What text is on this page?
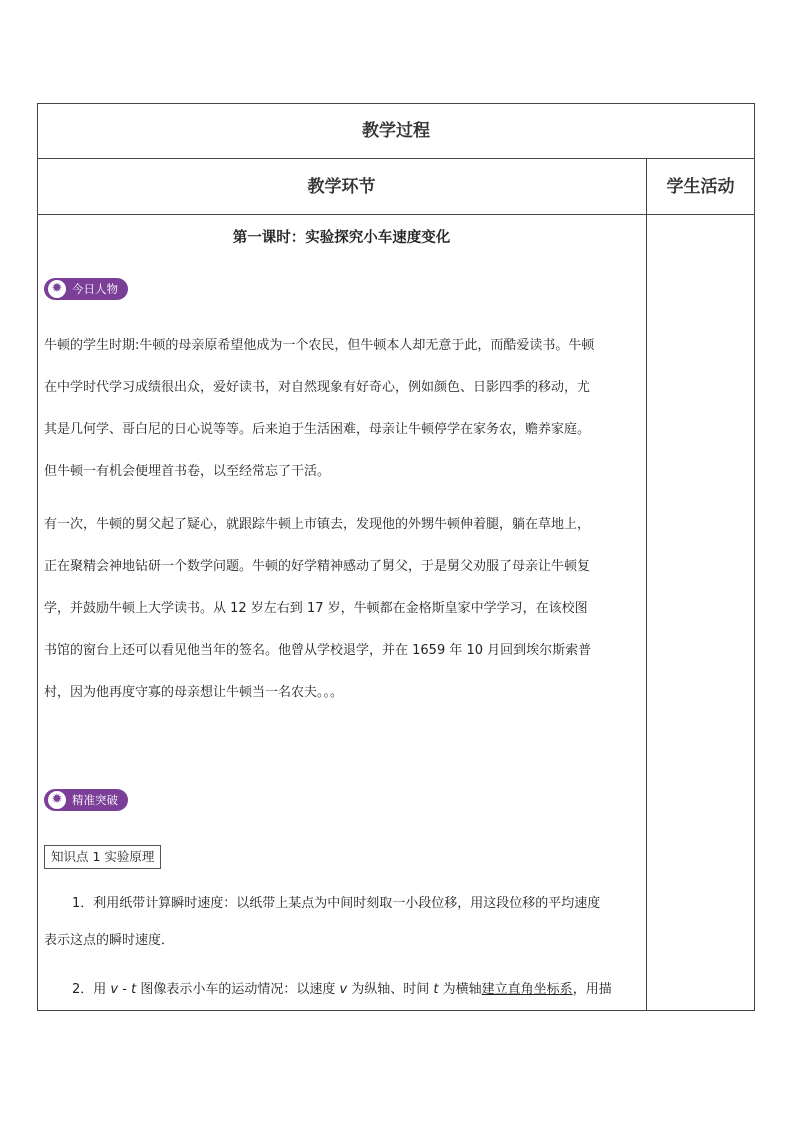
教学过程
教学环节	学生活动
第一课时：实验探究小车速度变化
✹ 今日人物

牛顿的学生时期:牛顿的母亲原希望他成为一个农民，但牛顿本人却无意于此，而酷爱读书。牛顿

在中学时代学习成绩很出众，爱好读书，对自然现象有好奇心，例如颜色、日影四季的移动，尤

其是几何学、哥白尼的日心说等等。后来迫于生活困难，母亲让牛顿停学在家务农，赡养家庭。

但牛顿一有机会便埋首书卷，以至经常忘了干活。

有一次，牛顿的舅父起了疑心，就跟踪牛顿上市镇去，发现他的外甥牛顿伸着腿，躺在草地上，

正在聚精会神地钻研一个数学问题。牛顿的好学精神感动了舅父，于是舅父劝服了母亲让牛顿复

学，并鼓励牛顿上大学读书。从 12 岁左右到 17 岁，牛顿都在金格斯皇家中学学习，在该校图

书馆的窗台上还可以看见他当年的签名。他曾从学校退学，并在 1659 年 10 月回到埃尔斯索普

村，因为他再度守寡的母亲想让牛顿当一名农夫。。。

✹ 精准突破
知识点 1 实验原理
1．利用纸带计算瞬时速度：以纸带上某点为中间时刻取一小段位移，用这段位移的平均速度
表示这点的瞬时速度．
2．用 v - t 图像表示小车的运动情况：以速度 v 为纵轴、时间 t 为横轴建立直角坐标系，用描
